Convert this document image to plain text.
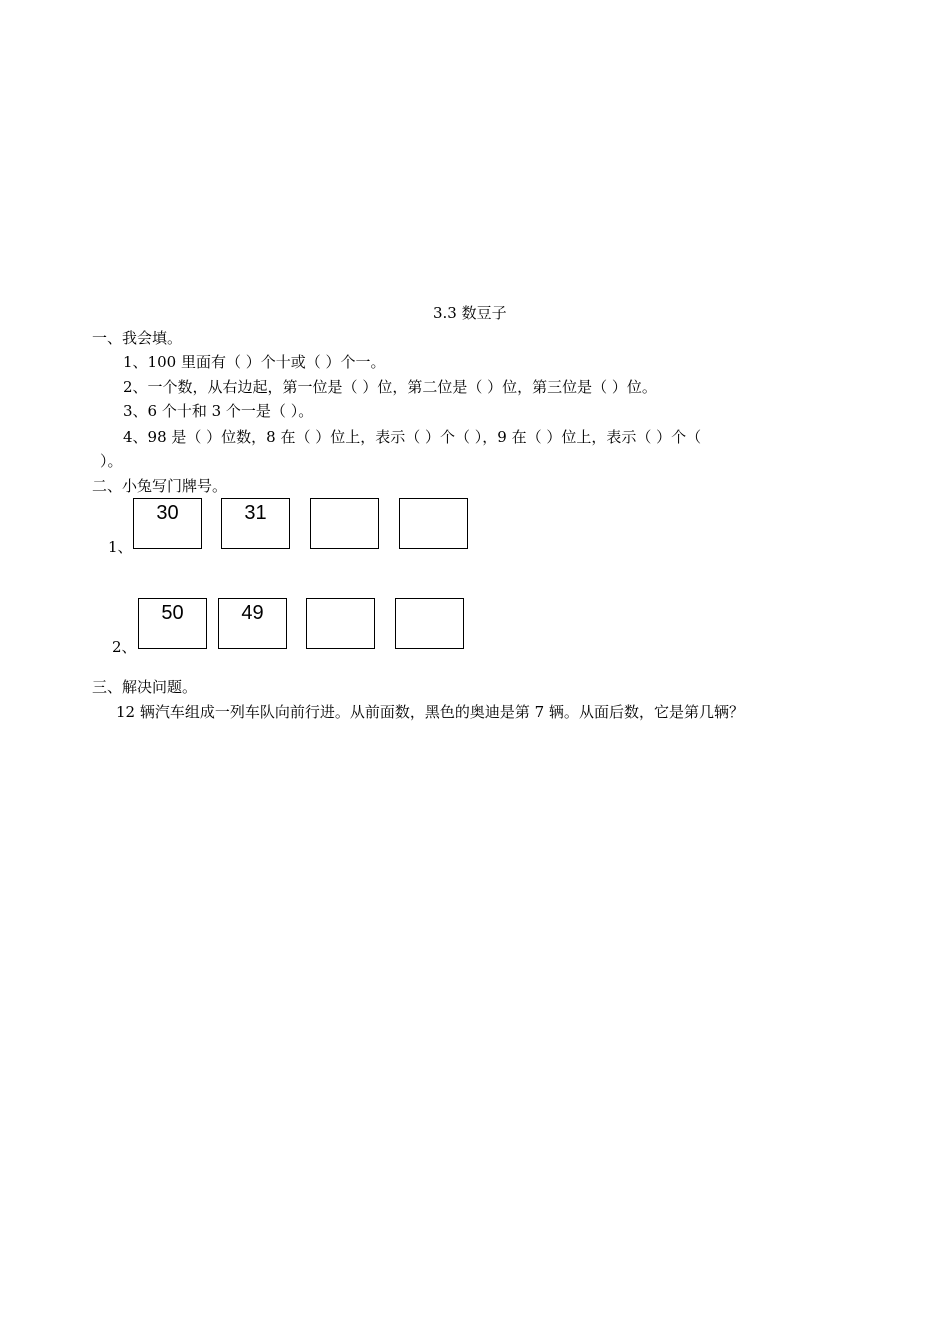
3.3 数豆子
一、我会填。
1、100 里面有（ ）个十或（ ）个一。
2、一个数，从右边起，第一位是（ ）位，第二位是（ ）位，第三位是（ ）位。
3、6 个十和 3 个一是（ ）。
4、98 是（ ）位数，8 在（ ）位上，表示（ ）个（ ），9 在（ ）位上，表示（ ）个（
）。
二、小兔写门牌号。
1、
30	31
2、
50	49
三、解决问题。
12 辆汽车组成一列车队向前行进。从前面数，黑色的奥迪是第 7 辆。从面后数，它是第几辆？
